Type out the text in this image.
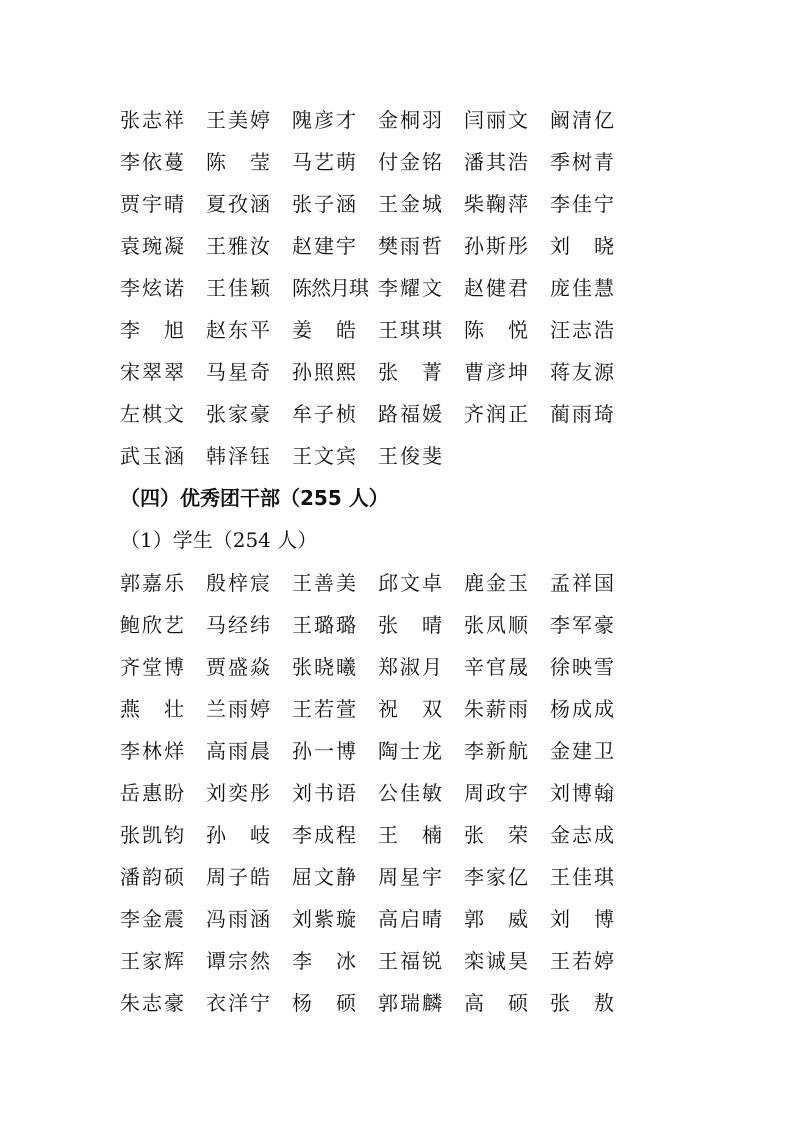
张志祥 王美婷 隗彦才 金桐羽 闫丽文 阚清亿
李依蔓 陈　莹 马艺萌 付金铭 潘其浩 季树青
贾宇晴 夏孜涵 张子涵 王金城 柴鞠萍 李佳宁
袁琬凝 王雅汝 赵建宇 樊雨哲 孙斯彤 刘　晓
李炫诺 王佳颖 陈然月琪 李耀文 赵健君 庞佳慧
李　旭 赵东平 姜　皓 王琪琪 陈　悦 汪志浩
宋翠翠 马星奇 孙照熙 张　菁 曹彦坤 蒋友源
左棋文 张家豪 牟子桢 路福媛 齐润正 蔺雨琦
武玉涵 韩泽钰 王文宾 王俊斐
（四）优秀团干部（255 人）
（1）学生（254 人）
郭嘉乐 殷梓宸 王善美 邱文卓 鹿金玉 孟祥国
鲍欣艺 马经纬 王璐璐 张　晴 张凤顺 李军豪
齐堂博 贾盛焱 张晓曦 郑淑月 辛官晟 徐映雪
燕　壮 兰雨婷 王若萱 祝　双 朱薪雨 杨成成
李林烊 高雨晨 孙一博 陶士龙 李新航 金建卫
岳惠盼 刘奕彤 刘书语 公佳敏 周政宇 刘博翰
张凯钧 孙　岐 李成程 王　楠 张　荣 金志成
潘韵硕 周子皓 屈文静 周星宇 李家亿 王佳琪
李金震 冯雨涵 刘紫璇 高启晴 郭　威 刘　博
王家辉 谭宗然 李　冰 王福锐 栾诚昊 王若婷
朱志豪 衣洋宁 杨　硕 郭瑞麟 高　硕 张　敖
